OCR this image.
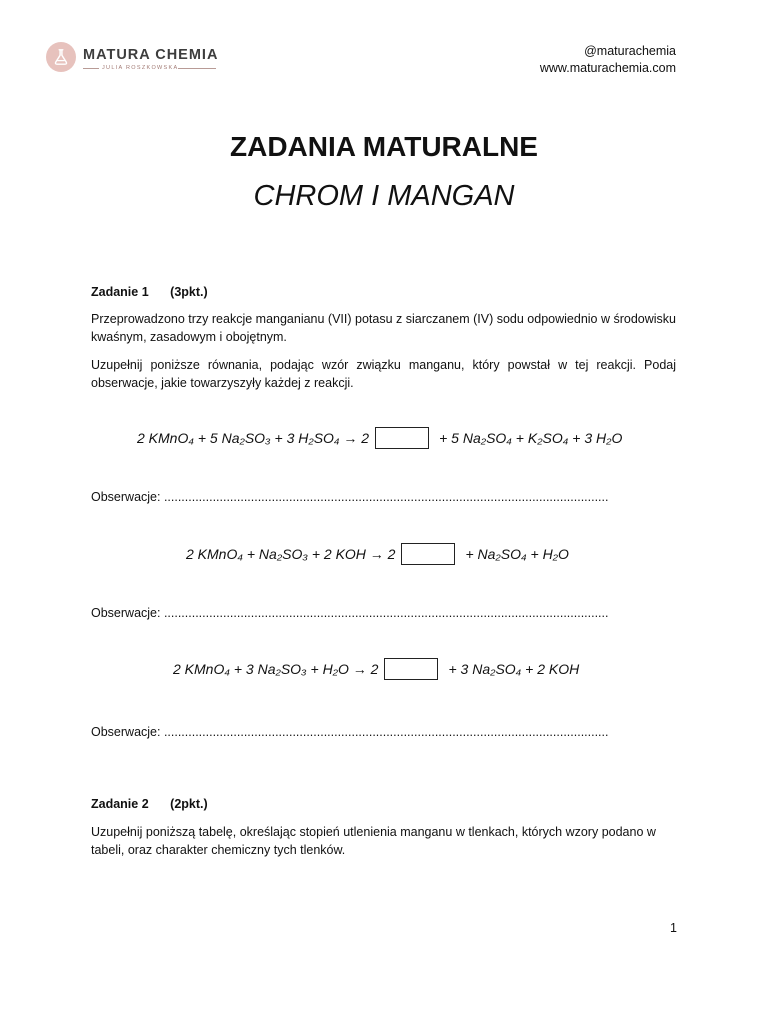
MATURA CHEMIA
JULIA ROSZKOWSKA
@maturachemia
www.maturachemia.com
ZADANIA MATURALNE
CHROM I MANGAN
Zadanie 1 (3pkt.)
Przeprowadzono trzy reakcje manganianu (VII) potasu z siarczanem (IV) sodu odpowiednio w środowisku kwaśnym, zasadowym i obojętnym.
Uzupełnij poniższe równania, podając wzór związku manganu, który powstał w tej reakcji. Podaj obserwacje, jakie towarzyszyły każdej z reakcji.
2 KMnO₄ + 5 Na₂SO₃ + 3 H₂SO₄ → 2	+ 5 Na₂SO₄ + K₂SO₄ + 3 H₂O
Obserwacje: ................................................................................................................................
2 KMnO₄ + Na₂SO₃ + 2 KOH → 2	+ Na₂SO₄ + H₂O
Obserwacje: ................................................................................................................................
2 KMnO₄ + 3 Na₂SO₃ + H₂O → 2	+ 3 Na₂SO₄ + 2 KOH
Obserwacje: ................................................................................................................................
Zadanie 2 (2pkt.)
Uzupełnij poniższą tabelę, określając stopień utlenienia manganu w tlenkach, których wzory podano w tabeli, oraz charakter chemiczny tych tlenków.
1
